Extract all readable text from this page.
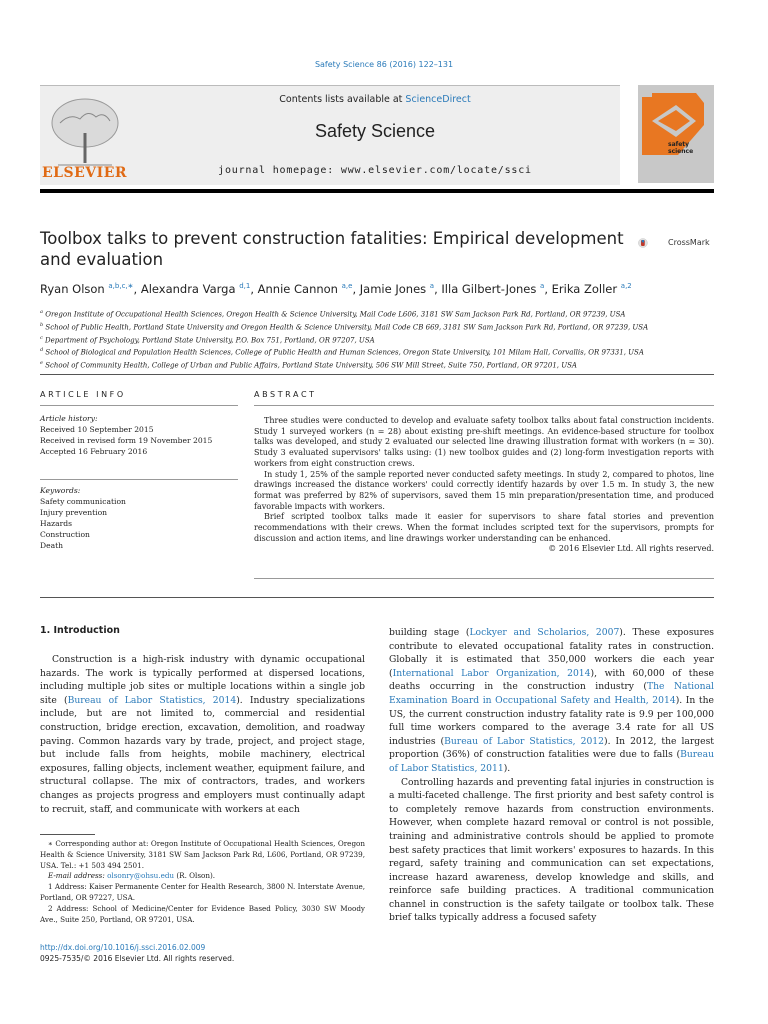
Safety Science 86 (2016) 122–131
ELSEVIER
Contents lists available at ScienceDirect
Safety Science
journal homepage: www.elsevier.com/locate/ssci
safety science
Toolbox talks to prevent construction fatalities: Empirical development and evaluation
CrossMark
Ryan Olson $^{a,b,c,∗}$, Alexandra Varga $^{d,1}$, Annie Cannon $^{a,e}$, Jamie Jones $^a$, Illa Gilbert-Jones $^a$, Erika Zoller $^{a,2}$
$^a$ Oregon Institute of Occupational Health Sciences, Oregon Health & Science University, Mail Code L606, 3181 SW Sam Jackson Park Rd, Portland, OR 97239, USA
$^b$ School of Public Health, Portland State University and Oregon Health & Science University, Mail Code CB 669, 3181 SW Sam Jackson Park Rd, Portland, OR 97239, USA
$^c$ Department of Psychology, Portland State University, P.O. Box 751, Portland, OR 97207, USA
$^d$ School of Biological and Population Health Sciences, College of Public Health and Human Sciences, Oregon State University, 101 Milam Hall, Corvallis, OR 97331, USA
$^e$ School of Community Health, College of Urban and Public Affairs, Portland State University, 506 SW Mill Street, Suite 750, Portland, OR 97201, USA
ARTICLE INFO	ABSTRACT
Article history:
Received 10 September 2015
Received in revised form 19 November 2015
Accepted 16 February 2016
Keywords:
Safety communication
Injury prevention
Hazards
Construction
Death

Three studies were conducted to develop and evaluate safety toolbox talks about fatal construction incidents. Study 1 surveyed workers (n = 28) about existing pre-shift meetings. An evidence-based structure for toolbox talks was developed, and study 2 evaluated our selected line drawing illustration format with workers (n = 30). Study 3 evaluated supervisors' talks using: (1) new toolbox guides and (2) long-form investigation reports with workers from eight construction crews.

In study 1, 25% of the sample reported never conducted safety meetings. In study 2, compared to photos, line drawings increased the distance workers' could correctly identify hazards by over 1.5 m. In study 3, the new format was preferred by 82% of supervisors, saved them 15 min preparation/presentation time, and produced favorable impacts with workers.

Brief scripted toolbox talks made it easier for supervisors to share fatal stories and prevention recommendations with their crews. When the format includes scripted text for the supervisors, prompts for discussion and action items, and line drawings worker understanding can be enhanced.

© 2016 Elsevier Ltd. All rights reserved.

1. Introduction

Construction is a high-risk industry with dynamic occupational hazards. The work is typically performed at dispersed locations, including multiple job sites or multiple locations within a single job site (Bureau of Labor Statistics, 2014). Industry specializations include, but are not limited to, commercial and residential construction, bridge erection, excavation, demolition, and roadway paving. Common hazards vary by trade, project, and project stage, but include falls from heights, mobile machinery, electrical exposures, falling objects, inclement weather, equipment failure, and structural collapse. The mix of contractors, trades, and workers changes as projects progress and employers must continually adapt to recruit, staff, and communicate with workers at each

building stage (Lockyer and Scholarios, 2007). These exposures contribute to elevated occupational fatality rates in construction. Globally it is estimated that 350,000 workers die each year (International Labor Organization, 2014), with 60,000 of these deaths occurring in the construction industry (The National Examination Board in Occupational Safety and Health, 2014). In the US, the current construction industry fatality rate is 9.9 per 100,000 full time workers compared to the average 3.4 rate for all US industries (Bureau of Labor Statistics, 2012). In 2012, the largest proportion (36%) of construction fatalities were due to falls (Bureau of Labor Statistics, 2011).

Controlling hazards and preventing fatal injuries in construction is a multi-faceted challenge. The first priority and best safety control is to completely remove hazards from construction environments. However, when complete hazard removal or control is not possible, training and administrative controls should be applied to promote best safety practices that limit workers' exposures to hazards. In this regard, safety training and communication can set expectations, increase hazard awareness, develop knowledge and skills, and reinforce safe building practices. A traditional communication channel in construction is the safety tailgate or toolbox talk. These brief talks typically address a focused safety

∗ Corresponding author at: Oregon Institute of Occupational Health Sciences, Oregon Health & Science University, 3181 SW Sam Jackson Park Rd, L606, Portland, OR 97239, USA. Tel.: +1 503 494 2501.

E-mail address: olsonry@ohsu.edu (R. Olson).

1 Address: Kaiser Permanente Center for Health Research, 3800 N. Interstate Avenue, Portland, OR 97227, USA.

2 Address: School of Medicine/Center for Evidence Based Policy, 3030 SW Moody Ave., Suite 250, Portland, OR 97201, USA.

http://dx.doi.org/10.1016/j.ssci.2016.02.009
0925-7535/© 2016 Elsevier Ltd. All rights reserved.
